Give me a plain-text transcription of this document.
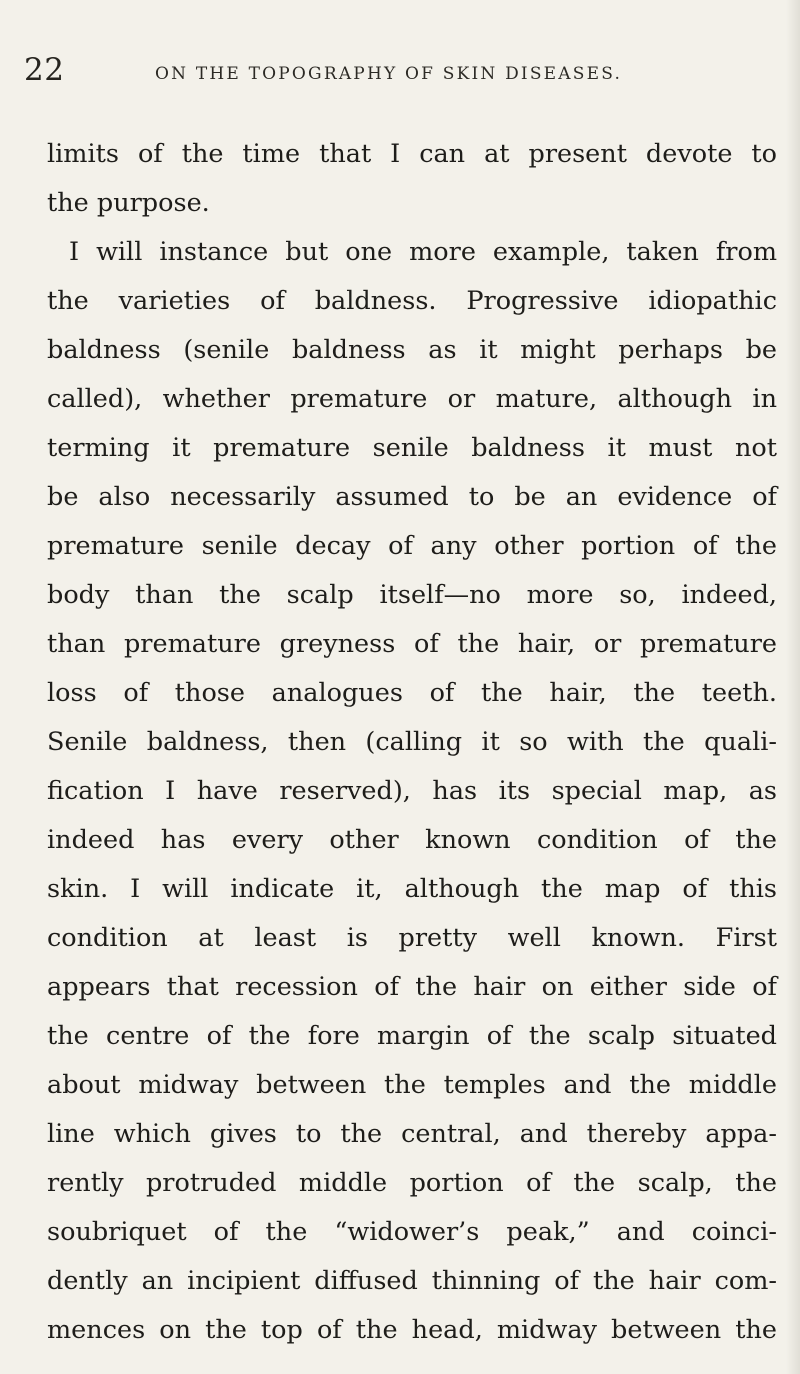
22	ON THE TOPOGRAPHY OF SKIN DISEASES.
limits of the time that I can at present devote to
the purpose.
I will instance but one more example, taken from
the varieties of baldness. Progressive idiopathic
baldness (senile baldness as it might perhaps be
called), whether premature or mature, although in
terming it premature senile baldness it must not
be also necessarily assumed to be an evidence of
premature senile decay of any other portion of the
body than the scalp itself—no more so, indeed,
than premature greyness of the hair, or premature
loss of those analogues of the hair, the teeth.
Senile baldness, then (calling it so with the quali-
fication I have reserved), has its special map, as
indeed has every other known condition of the
skin. I will indicate it, although the map of this
condition at least is pretty well known. First
appears that recession of the hair on either side of
the centre of the fore margin of the scalp situated
about midway between the temples and the middle
line which gives to the central, and thereby appa-
rently protruded middle portion of the scalp, the
soubriquet of the “widower’s peak,” and coinci-
dently an incipient diffused thinning of the hair com-
mences on the top of the head, midway between the
